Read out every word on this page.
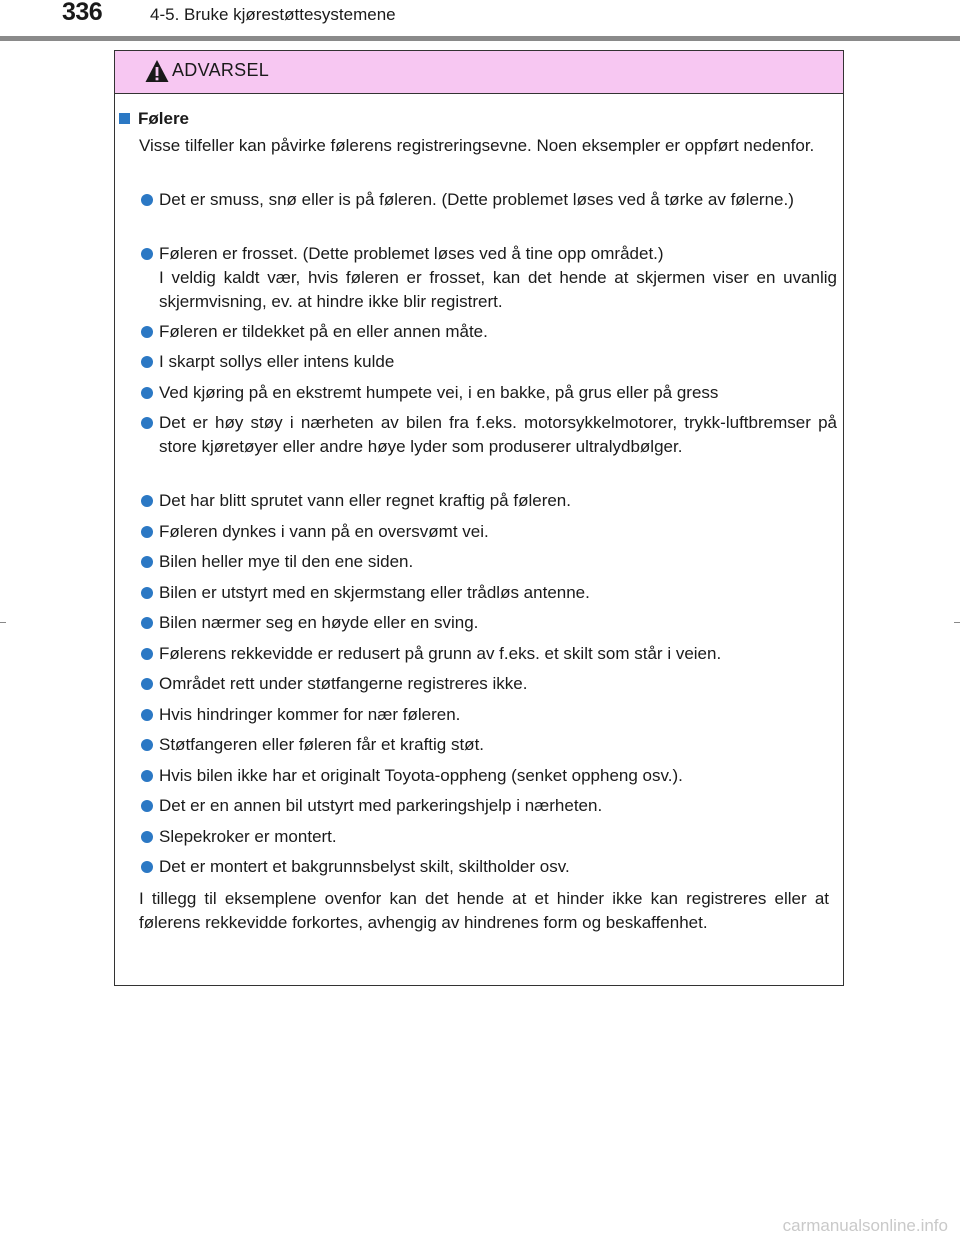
336	4-5. Bruke kjørestøttesystemene
ADVARSEL
Følere
Visse tilfeller kan påvirke følerens registreringsevne. Noen eksempler er oppført nedenfor.
Det er smuss, snø eller is på føleren. (Dette problemet løses ved å tørke av følerne.)
Føleren er frosset. (Dette problemet løses ved å tine opp området.)
I veldig kaldt vær, hvis føleren er frosset, kan det hende at skjermen viser en uvanlig skjermvisning, ev. at hindre ikke blir registrert.
Føleren er tildekket på en eller annen måte.
I skarpt sollys eller intens kulde
Ved kjøring på en ekstremt humpete vei, i en bakke, på grus eller på gress
Det er høy støy i nærheten av bilen fra f.eks. motorsykkelmotorer, trykk-luftbremser på store kjøretøyer eller andre høye lyder som produserer ultralydbølger.
Det har blitt sprutet vann eller regnet kraftig på føleren.
Føleren dynkes i vann på en oversvømt vei.
Bilen heller mye til den ene siden.
Bilen er utstyrt med en skjermstang eller trådløs antenne.
Bilen nærmer seg en høyde eller en sving.
Følerens rekkevidde er redusert på grunn av f.eks. et skilt som står i veien.
Området rett under støtfangerne registreres ikke.
Hvis hindringer kommer for nær føleren.
Støtfangeren eller føleren får et kraftig støt.
Hvis bilen ikke har et originalt Toyota-oppheng (senket oppheng osv.).
Det er en annen bil utstyrt med parkeringshjelp i nærheten.
Slepekroker er montert.
Det er montert et bakgrunnsbelyst skilt, skiltholder osv.
I tillegg til eksemplene ovenfor kan det hende at et hinder ikke kan registreres eller at følerens rekkevidde forkortes, avhengig av hindrenes form og beskaffenhet.
carmanualsonline.info
